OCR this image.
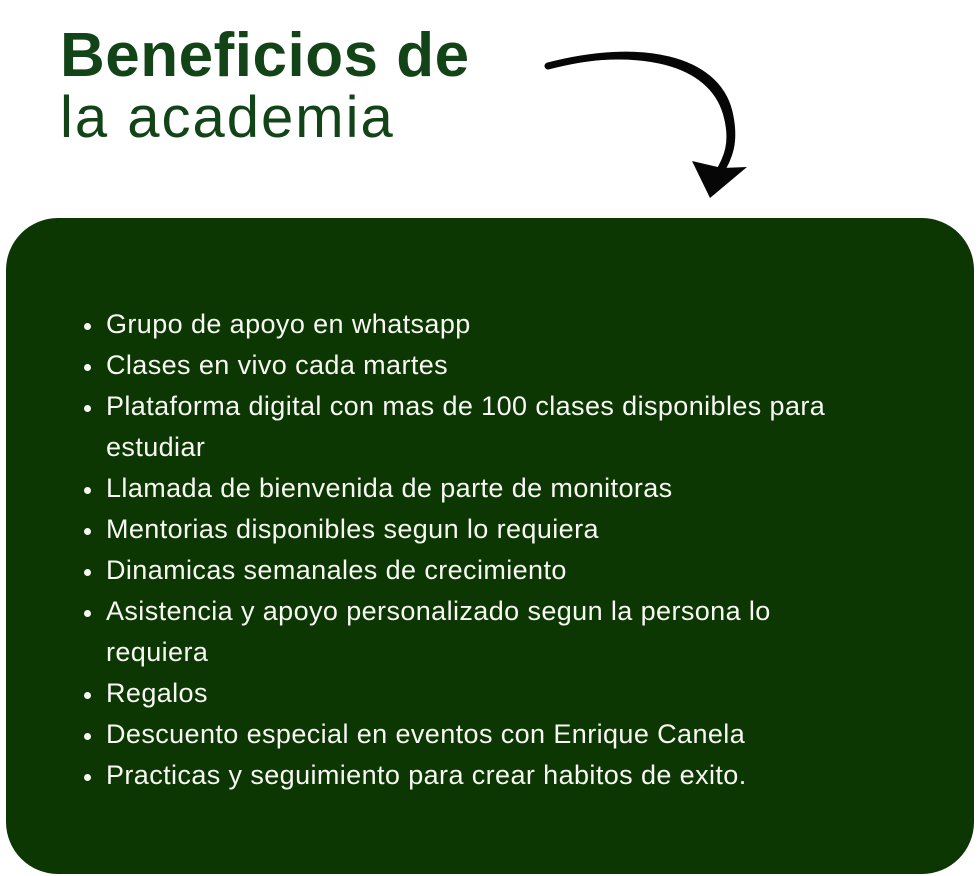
Beneficios de
la academia
• Grupo de apoyo en whatsapp
• Clases en vivo cada martes
• Plataforma digital con mas de 100 clases disponibles para estudiar
• Llamada de bienvenida de parte de monitoras
• Mentorias disponibles segun lo requiera
• Dinamicas semanales de crecimiento
• Asistencia y apoyo personalizado segun la persona lo requiera
• Regalos
• Descuento especial en eventos con Enrique Canela
• Practicas y seguimiento para crear habitos de exito.
